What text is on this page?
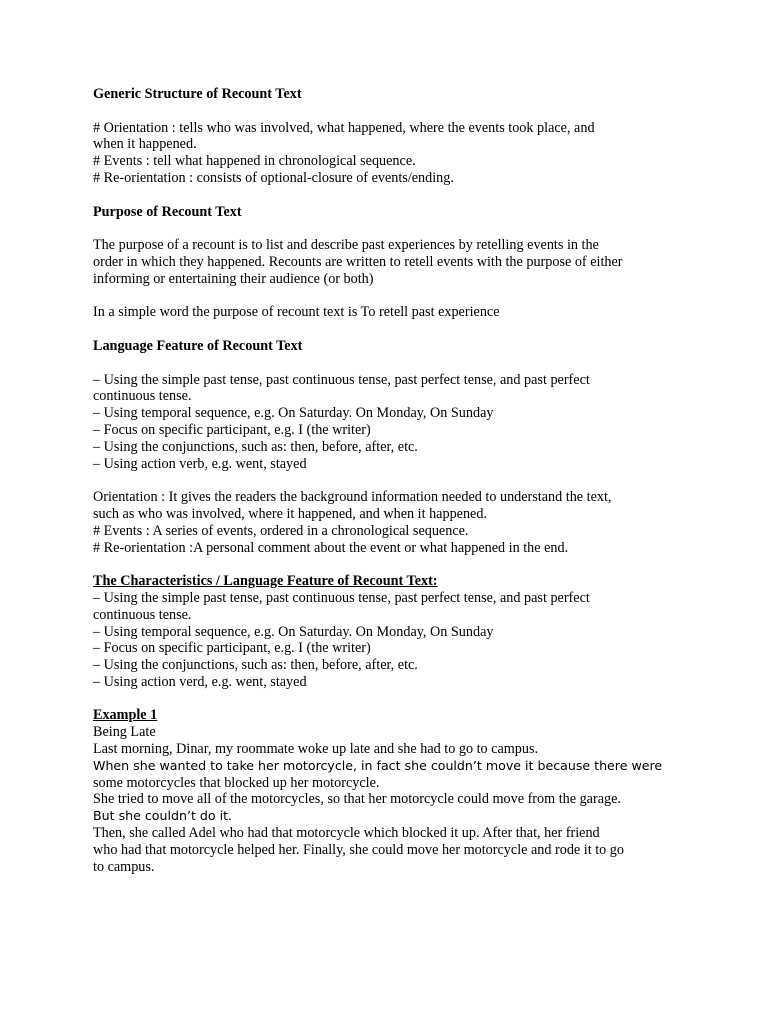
Generic Structure of Recount Text

# Orientation : tells who was involved, what happened, where the events took place, and

when it happened.

# Events : tell what happened in chronological sequence.

# Re-orientation : consists of optional-closure of events/ending.

Purpose of Recount Text

The purpose of a recount is to list and describe past experiences by retelling events in the

order in which they happened. Recounts are written to retell events with the purpose of either

informing or entertaining their audience (or both)

In a simple word the purpose of recount text is To retell past experience

Language Feature of Recount Text

– Using the simple past tense, past continuous tense, past perfect tense, and past perfect

continuous tense.

– Using temporal sequence, e.g. On Saturday. On Monday, On Sunday

– Focus on specific participant, e.g. I (the writer)

– Using the conjunctions, such as: then, before, after, etc.

– Using action verb, e.g. went, stayed

Orientation : It gives the readers the background information needed to understand the text,

such as who was involved, where it happened, and when it happened.

# Events : A series of events, ordered in a chronological sequence.

# Re-orientation :A personal comment about the event or what happened in the end.

The Characteristics / Language Feature of Recount Text:

– Using the simple past tense, past continuous tense, past perfect tense, and past perfect

continuous tense.

– Using temporal sequence, e.g. On Saturday. On Monday, On Sunday

– Focus on specific participant, e.g. I (the writer)

– Using the conjunctions, such as: then, before, after, etc.

– Using action verd, e.g. went, stayed

Example 1

Being Late

Last morning, Dinar, my roommate woke up late and she had to go to campus.

When she wanted to take her motorcycle, in fact she couldn’t move it because there were

some motorcycles that blocked up her motorcycle.

She tried to move all of the motorcycles, so that her motorcycle could move from the garage.

But she couldn’t do it.

Then, she called Adel who had that motorcycle which blocked it up. After that, her friend

who had that motorcycle helped her. Finally, she could move her motorcycle and rode it to go

to campus.
